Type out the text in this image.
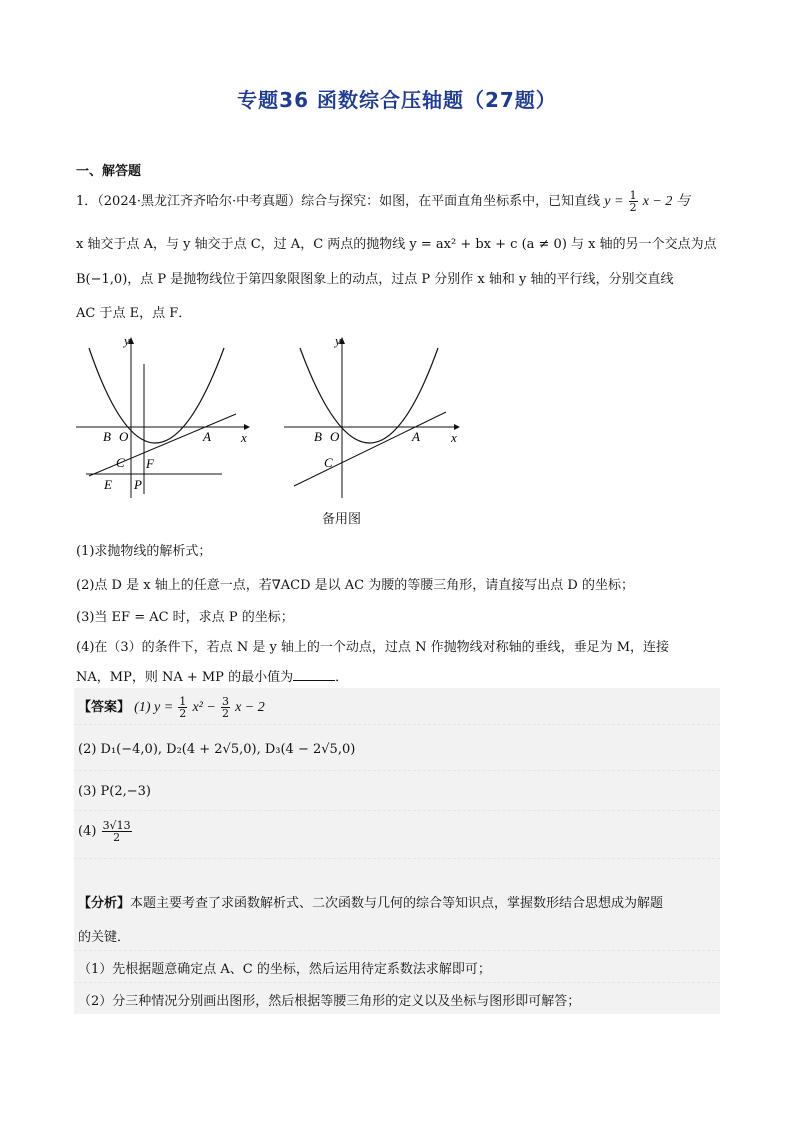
专题36 函数综合压轴题（27题）
一、解答题
1．（2024·黑龙江齐齐哈尔·中考真题）综合与探究：如图，在平面直角坐标系中，已知直线 $y = \frac{1}{2}$ x − 2 与
x 轴交于点 A，与 y 轴交于点 C，过 A，C 两点的抛物线 y = ax² + bx + c (a ≠ 0) 与 x 轴的另一个交点为点
B(−1,0)，点 P 是抛物线位于第四象限图象上的动点，过点 P 分别作 x 轴和 y 轴的平行线，分别交直线
AC 于点 E，点 F．
y
x
B O	A
C F
E P
y
x
B O	A
C
备用图
(1)求抛物线的解析式；
(2)点 D 是 x 轴上的任意一点，若∇ACD 是以 AC 为腰的等腰三角形，请直接写出点 D 的坐标；
(3)当 EF = AC 时，求点 P 的坐标；
(4)在（3）的条件下，若点 N 是 y 轴上的一个动点，过点 N 作抛物线对称轴的垂线，垂足为 M，连接
NA，MP，则 NA + MP 的最小值为	．
【答案】 (1) $y = \frac{1}{2} x^2 - \frac{3}{2}$ x − 2
(2) D₁(−4,0), D₂(4 + 2√5,0), D₃(4 − 2√5,0)
(3) P(2,−3)
$(4) \frac{3√13}{2}$
【分析】本题主要考查了求函数解析式、二次函数与几何的综合等知识点，掌握数形结合思想成为解题
的关键．
（1）先根据题意确定点 A、C 的坐标，然后运用待定系数法求解即可；
（2）分三种情况分别画出图形，然后根据等腰三角形的定义以及坐标与图形即可解答；
